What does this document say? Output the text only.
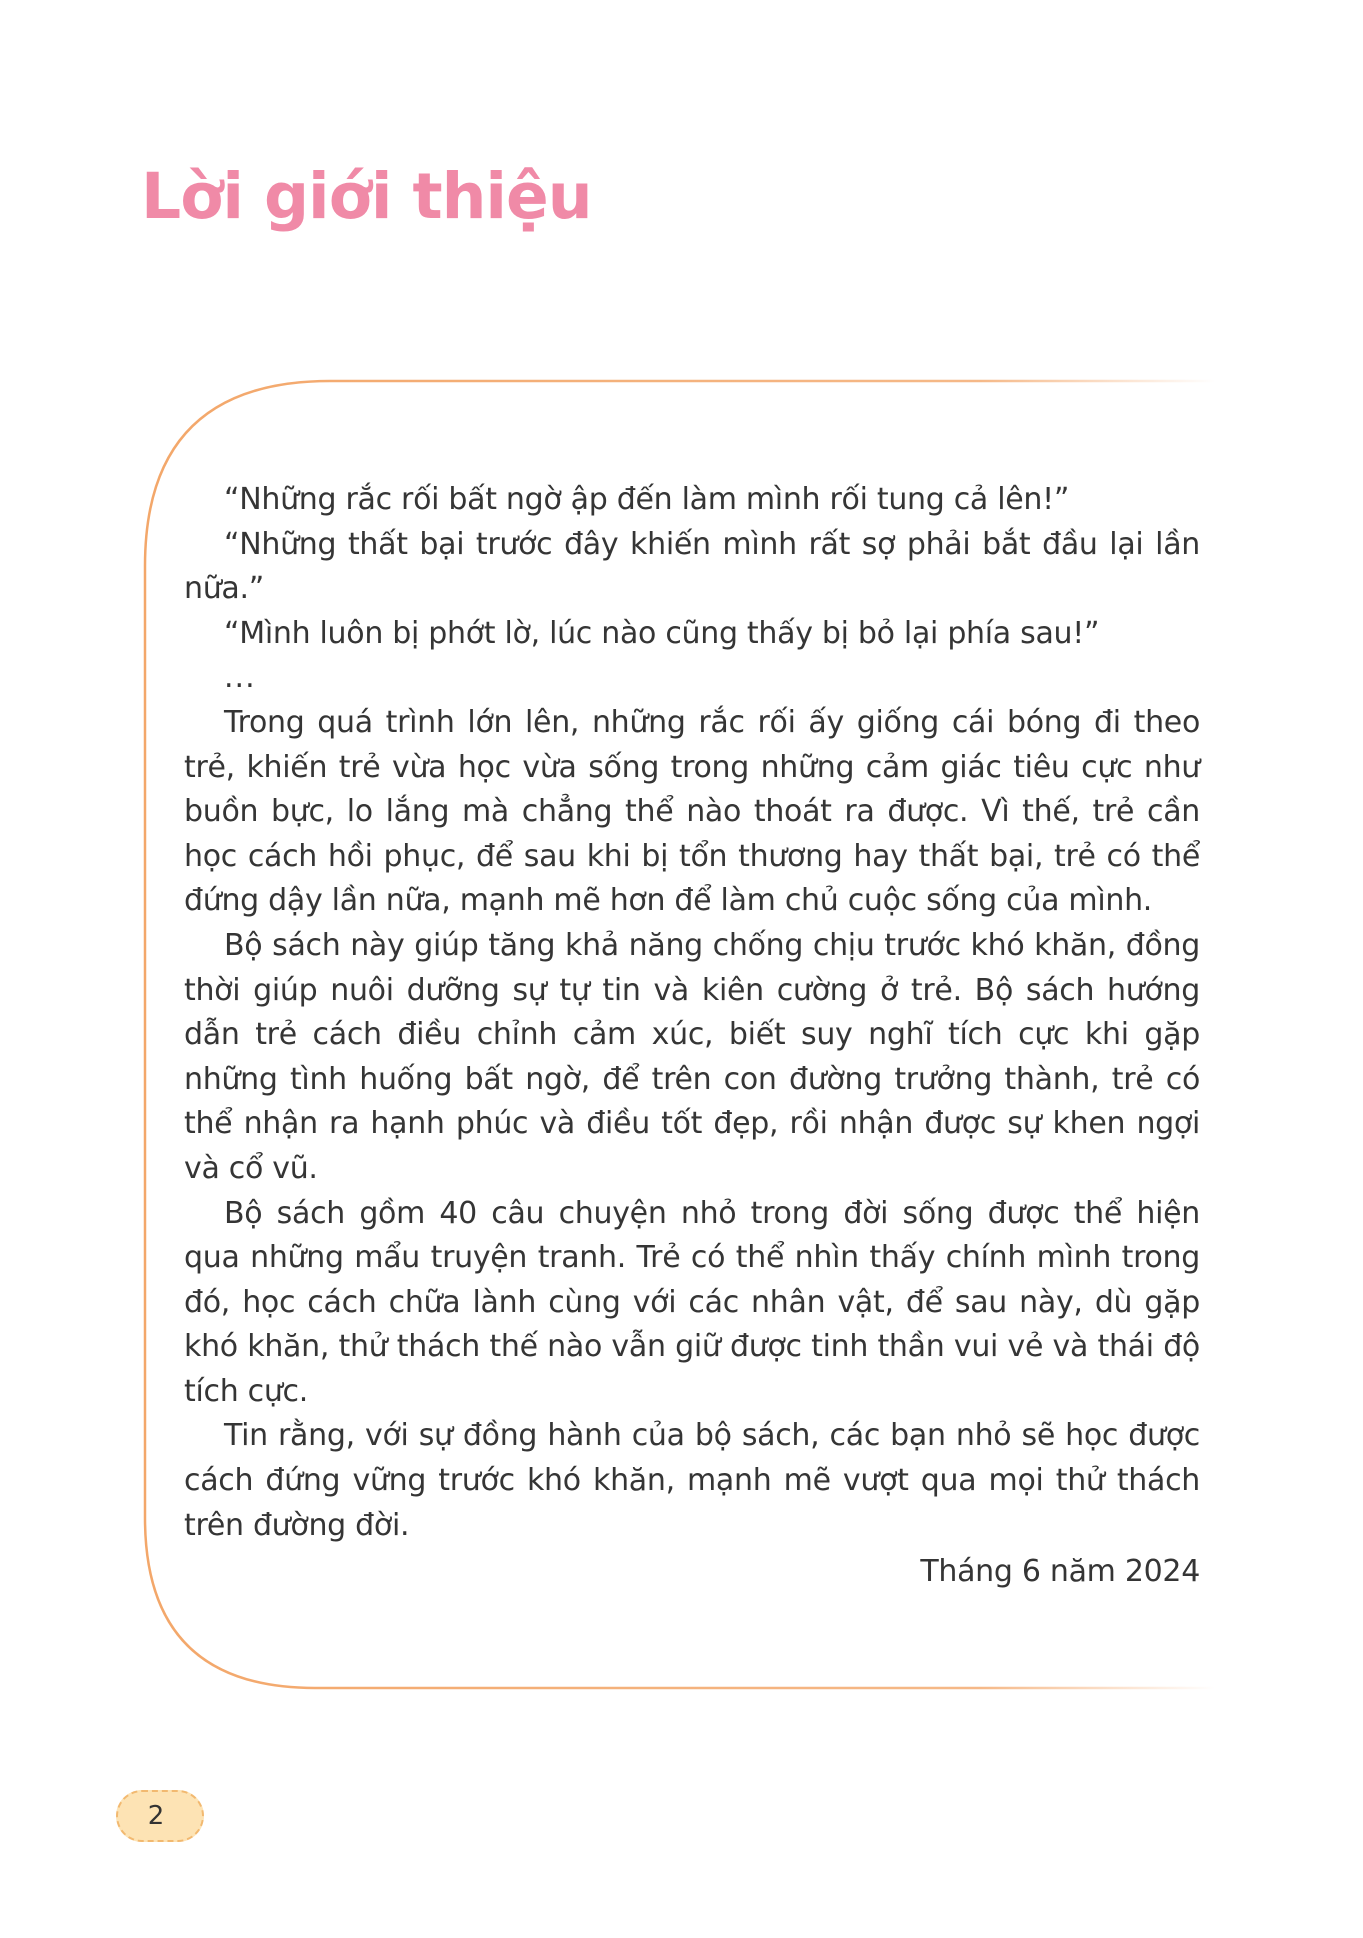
Lời giới thiệu

“Những rắc rối bất ngờ ập đến làm mình rối tung cả lên!”

“Những thất bại trước đây khiến mình rất sợ phải bắt đầu lại lần nữa.”

“Mình luôn bị phớt lờ, lúc nào cũng thấy bị bỏ lại phía sau!”

...

Trong quá trình lớn lên, những rắc rối ấy giống cái bóng đi theo trẻ, khiến trẻ vừa học vừa sống trong những cảm giác tiêu cực như buồn bực, lo lắng mà chẳng thể nào thoát ra được. Vì thế, trẻ cần học cách hồi phục, để sau khi bị tổn thương hay thất bại, trẻ có thể đứng dậy lần nữa, mạnh mẽ hơn để làm chủ cuộc sống của mình.

Bộ sách này giúp tăng khả năng chống chịu trước khó khăn, đồng thời giúp nuôi dưỡng sự tự tin và kiên cường ở trẻ. Bộ sách hướng dẫn trẻ cách điều chỉnh cảm xúc, biết suy nghĩ tích cực khi gặp những tình huống bất ngờ, để trên con đường trưởng thành, trẻ có thể nhận ra hạnh phúc và điều tốt đẹp, rồi nhận được sự khen ngợi và cổ vũ.

Bộ sách gồm 40 câu chuyện nhỏ trong đời sống được thể hiện qua những mẩu truyện tranh. Trẻ có thể nhìn thấy chính mình trong đó, học cách chữa lành cùng với các nhân vật, để sau này, dù gặp khó khăn, thử thách thế nào vẫn giữ được tinh thần vui vẻ và thái độ tích cực.

Tin rằng, với sự đồng hành của bộ sách, các bạn nhỏ sẽ học được cách đứng vững trước khó khăn, mạnh mẽ vượt qua mọi thử thách trên đường đời.

Tháng 6 năm 2024

2
